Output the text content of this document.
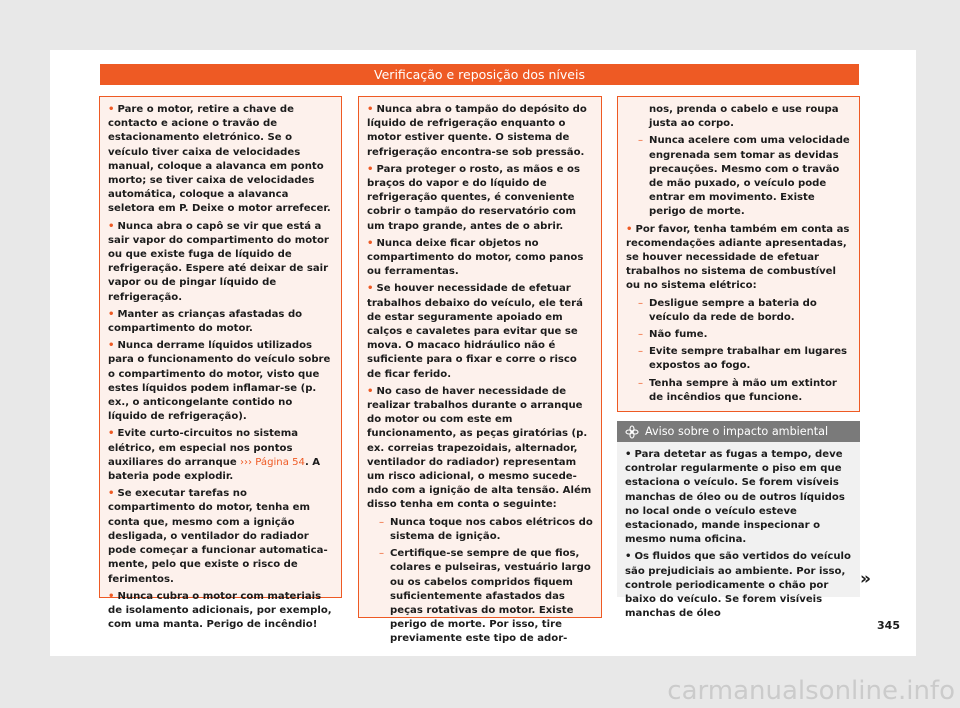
Verificação e reposição dos níveis
• Pare o motor, retire a chave de contacto e acione o travão de estacionamento eletrónico. Se o veículo tiver caixa de velocidades manual, coloque a alavanca em ponto morto; se tiver caixa de velocidades automática, coloque a alavanca seletora em P. Deixe o motor arrefecer.
• Nunca abra o capô se vir que está a sair vapor do compartimento do motor ou que existe fuga de líquido de refrigeração. Espere até deixar de sair vapor ou de pingar líquido de refrigeração.
• Manter as crianças afastadas do compartimento do motor.
• Nunca derrame líquidos utilizados para o funcionamento do veículo sobre o compartimento do motor, visto que estes líquidos podem inflamar-se (p. ex., o anticongelante contido no líquido de refrigeração).
• Evite curto-circuitos no sistema elétrico, em especial nos pontos auxiliares do arranque ››› Página 54. A bateria pode explodir.
• Se executar tarefas no compartimento do motor, tenha em conta que, mesmo com a ignição desligada, o ventilador do radiador pode começar a funcionar automaticamente, pelo que existe o risco de ferimentos.
• Nunca cubra o motor com materiais de isolamento adicionais, por exemplo, com uma manta. Perigo de incêndio!
• Nunca abra o tampão do depósito do líquido de refrigeração enquanto o motor estiver quente. O sistema de refrigeração encontra-se sob pressão.
• Para proteger o rosto, as mãos e os braços do vapor e do líquido de refrigeração quentes, é conveniente cobrir o tampão do reservatório com um trapo grande, antes de o abrir.
• Nunca deixe ficar objetos no compartimento do motor, como panos ou ferramentas.
• Se houver necessidade de efetuar trabalhos debaixo do veículo, ele terá de estar seguramente apoiado em calços e cavaletes para evitar que se mova. O macaco hidráulico não é suficiente para o fixar e corre o risco de ficar ferido.
• No caso de haver necessidade de realizar trabalhos durante o arranque do motor ou com este em funcionamento, as peças giratórias (p. ex. correias trapezoidais, alternador, ventilador do radiador) representam um risco adicional, o mesmo sucedendo com a ignição de alta tensão. Além disso tenha em conta o seguinte:
– Nunca toque nos cabos elétricos do sistema de ignição.
– Certifique-se sempre de que fios, colares e pulseiras, vestuário largo ou os cabelos compridos fiquem suficientemente afastados das peças rotativas do motor. Existe perigo de morte. Por isso, tire previamente este tipo de ador-
nos, prenda o cabelo e use roupa justa ao corpo.
– Nunca acelere com uma velocidade engrenada sem tomar as devidas precauções. Mesmo com o travão de mão puxado, o veículo pode entrar em movimento. Existe perigo de morte.
• Por favor, tenha também em conta as recomendações adiante apresentadas, se houver necessidade de efetuar trabalhos no sistema de combustível ou no sistema elétrico:
– Desligue sempre a bateria do veículo da rede de bordo.
– Não fume.
– Evite sempre trabalhar em lugares expostos ao fogo.
– Tenha sempre à mão um extintor de incêndios que funcione.
Aviso sobre o impacto ambiental
• Para detetar as fugas a tempo, deve controlar regularmente o piso em que estaciona o veículo. Se forem visíveis manchas de óleo ou de outros líquidos no local onde o veículo esteve estacionado, mande inspecionar o mesmo numa oficina.
• Os fluidos que são vertidos do veículo são prejudiciais ao ambiente. Por isso, controle periodicamente o chão por baixo do veículo. Se forem visíveis manchas de óleo
»
345
carmanualsonline.info
